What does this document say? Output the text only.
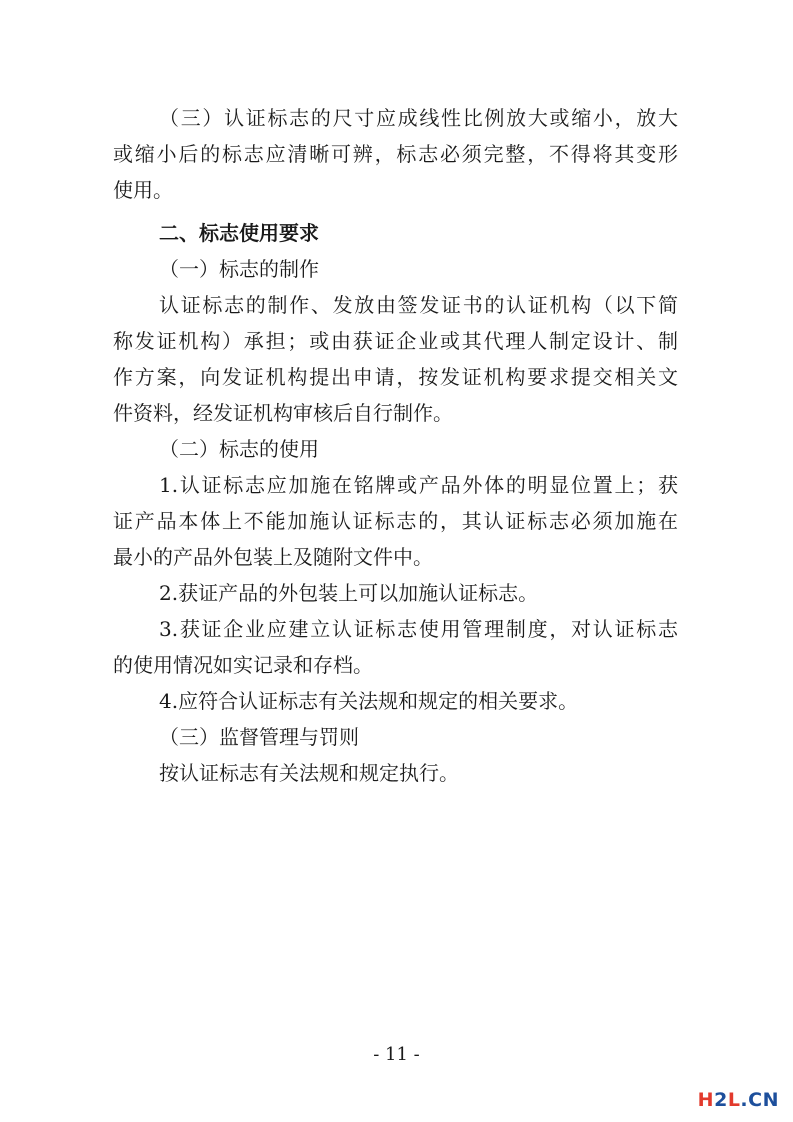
（三）认证标志的尺寸应成线性比例放大或缩小，放大
或缩小后的标志应清晰可辨，标志必须完整，不得将其变形
使用。
二、标志使用要求
（一）标志的制作
认证标志的制作、发放由签发证书的认证机构（以下简
称发证机构）承担；或由获证企业或其代理人制定设计、制
作方案，向发证机构提出申请，按发证机构要求提交相关文
件资料，经发证机构审核后自行制作。
（二）标志的使用
1.认证标志应加施在铭牌或产品外体的明显位置上；获
证产品本体上不能加施认证标志的，其认证标志必须加施在
最小的产品外包装上及随附文件中。
2.获证产品的外包装上可以加施认证标志。
3.获证企业应建立认证标志使用管理制度，对认证标志
的使用情况如实记录和存档。
4.应符合认证标志有关法规和规定的相关要求。
（三）监督管理与罚则
按认证标志有关法规和规定执行。
- 11 -
H2L.CN
